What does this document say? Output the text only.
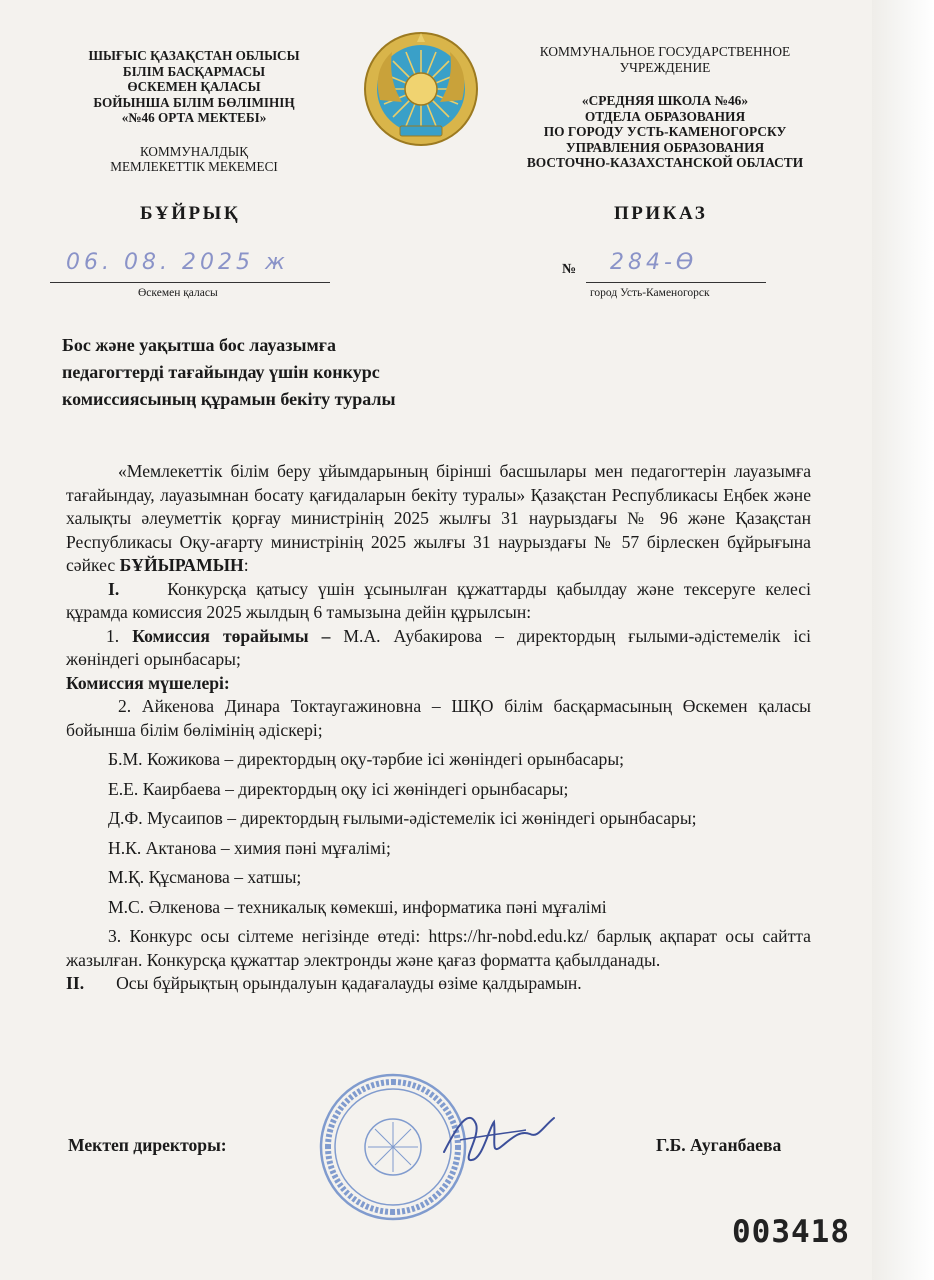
ШЫҒЫС ҚАЗАҚСТАН ОБЛЫСЫ
БІЛІМ БАСҚАРМАСЫ
ӨСКЕМЕН ҚАЛАСЫ
БОЙЫНША БІЛІМ БӨЛІМІНІҢ
«№46 ОРТА МЕКТЕБІ»
КОММУНАЛДЫҚ
МЕМЛЕКЕТТІК МЕКЕМЕСІ
КОММУНАЛЬНОЕ ГОСУДАРСТВЕННОЕ
УЧРЕЖДЕНИЕ
«СРЕДНЯЯ ШКОЛА №46»
ОТДЕЛА ОБРАЗОВАНИЯ
ПО ГОРОДУ УСТЬ-КАМЕНОГОРСКУ
УПРАВЛЕНИЯ ОБРАЗОВАНИЯ
ВОСТОЧНО-КАЗАХСТАНСКОЙ ОБЛАСТИ
БҰЙРЫҚ	ПРИКАЗ
06. 08. 2025 ж
Өскемен қаласы
№ 284-Ө
город Усть-Каменогорск
Бос және уақытша бос лауазымға
педагогтерді тағайындау үшін конкурс
комиссиясының құрамын бекіту туралы

«Мемлекеттік білім беру ұйымдарының бірінші басшылары мен педагогтерін лауазымға тағайындау, лауазымнан босату қағидаларын бекіту туралы» Қазақстан Республикасы Еңбек және халықты әлеуметтік қорғау министрінің 2025 жылғы 31 наурыздағы № 96 және Қазақстан Республикасы Оқу-ағарту министрінің 2025 жылғы 31 наурыздағы № 57 бірлескен бұйрығына сәйкес БҰЙЫРАМЫН:

I.	Конкурсқа қатысу үшін ұсынылған құжаттарды қабылдау және тексеруге келесі құрамда комиссия 2025 жылдың 6 тамызына дейін құрылсын:

1. Комиссия төрайымы – М.А. Аубакирова – директордың ғылыми-әдістемелік ісі жөніндегі орынбасары;

Комиссия мүшелері:

2. Айкенова Динара Токтаугажиновна – ШҚО білім басқармасының Өскемен қаласы бойынша білім бөлімінің әдіскері;

Б.М. Кожикова – директордың оқу-тәрбие ісі жөніндегі орынбасары;

Е.Е. Каирбаева – директордың оқу ісі жөніндегі орынбасары;

Д.Ф. Мусаипов – директордың ғылыми-әдістемелік ісі жөніндегі орынбасары;

Н.К. Актанова – химия пәні мұғалімі;

М.Қ. Құсманова – хатшы;

М.С. Әлкенова – техникалық көмекші, информатика пәні мұғалімі

3. Конкурс осы сілтеме негізінде өтеді: https://hr-nobd.edu.kz/ барлық ақпарат осы сайтта жазылған. Конкурсқа құжаттар электронды және қағаз форматта қабылданады.

II. Осы бұйрықтың орындалуын қадағалауды өзіме қалдырамын.

Мектеп директоры:	Г.Б. Ауганбаева
003418
